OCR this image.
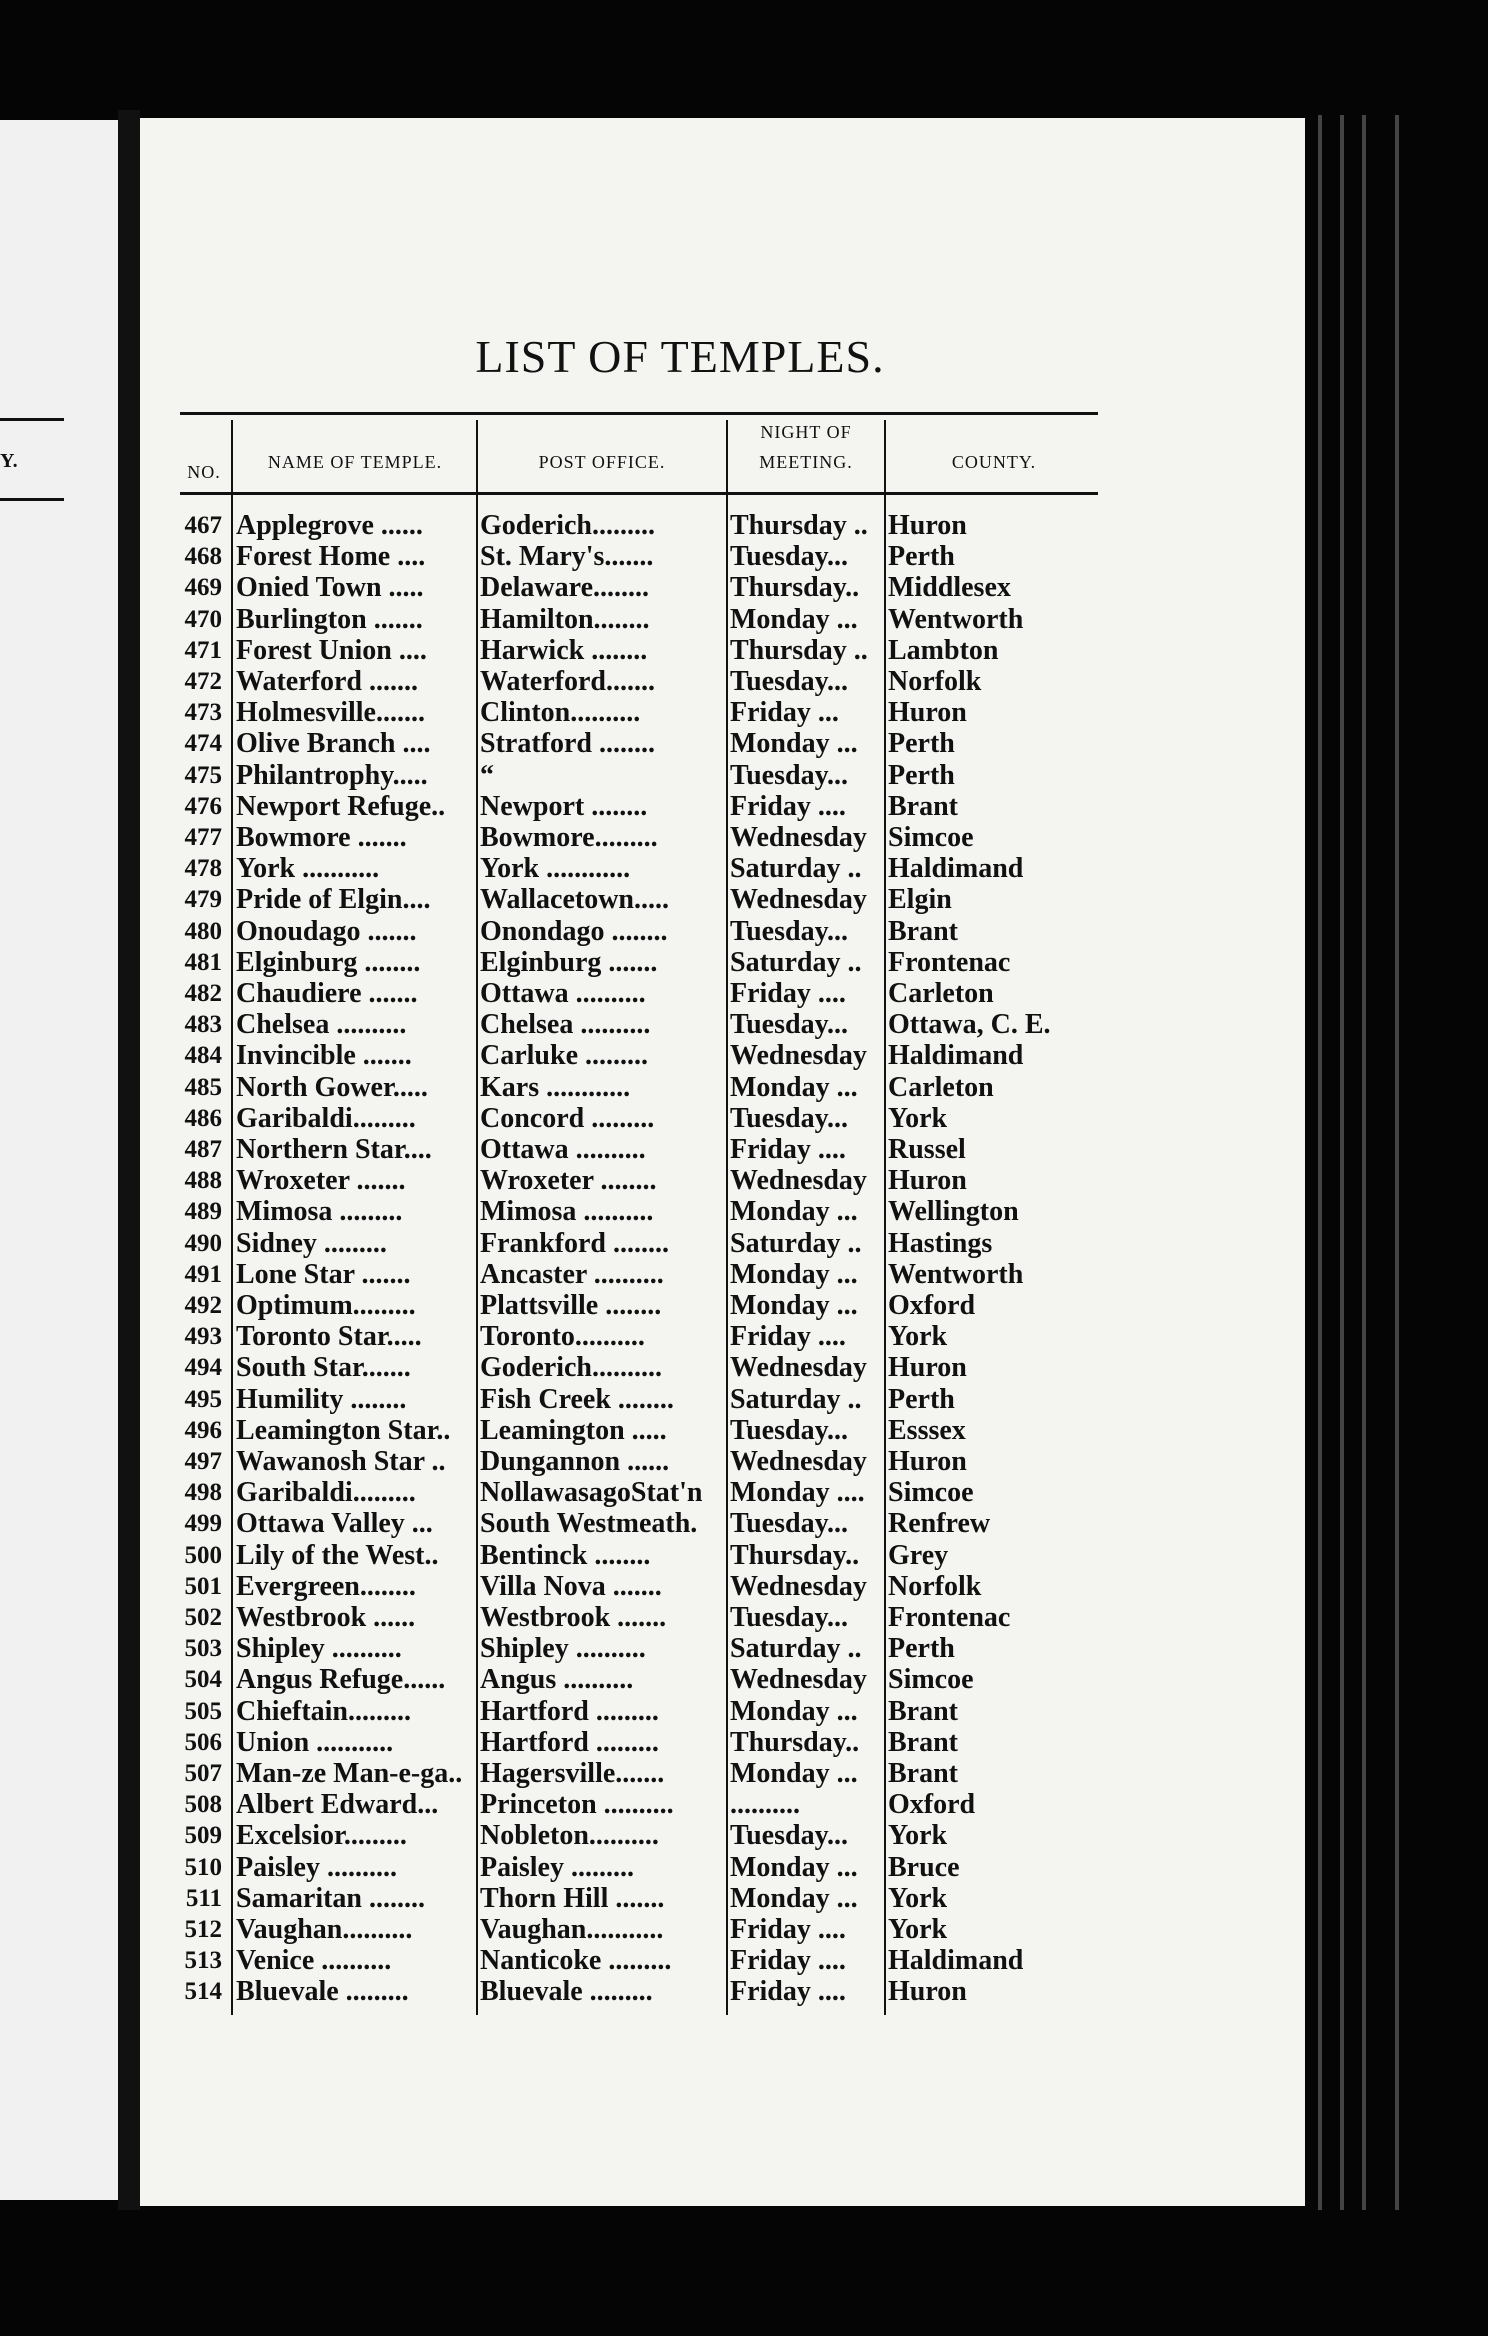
Y.
LIST OF TEMPLES.
NO.	NAME OF TEMPLE.	POST OFFICE.
NIGHT OF
MEETING.	COUNTY.
467 Applegrove ......	Goderich.........	Thursday .. Huron
468 Forest Home ....	St. Mary's.......	Tuesday...	Perth
469 Onied Town .....	Delaware........	Thursday..	Middlesex
470 Burlington .......	Hamilton........	Monday ...	Wentworth
471 Forest Union ....	Harwick ........	Thursday .. Lambton
472 Waterford .......	Waterford.......	Tuesday...	Norfolk
473 Holmesville.......	Clinton..........	Friday ...	Huron
474 Olive Branch ....	Stratford ........	Monday ...	Perth
475 Philantrophy.....	“	Tuesday...	Perth
476 Newport Refuge..	Newport ........	Friday ....	Brant
477 Bowmore .......	Bowmore.........	Wednesday Simcoe
478 York ...........	York ............	Saturday .. Haldimand
479 Pride of Elgin....	Wallacetown.....	Wednesday Elgin
480 Onoudago .......	Onondago ........	Tuesday...	Brant
481 Elginburg ........	Elginburg .......	Saturday .. Frontenac
482 Chaudiere .......	Ottawa ..........	Friday ....	Carleton
483 Chelsea ..........	Chelsea ..........	Tuesday...	Ottawa, C. E.
484 Invincible .......	Carluke .........	Wednesday Haldimand
485 North Gower.....	Kars ............	Monday ...	Carleton
486 Garibaldi.........	Concord .........	Tuesday...	York
487 Northern Star....	Ottawa ..........	Friday ....	Russel
488 Wroxeter .......	Wroxeter ........	Wednesday Huron
489 Mimosa .........	Mimosa ..........	Monday ...	Wellington
490 Sidney .........	Frankford ........	Saturday .. Hastings
491 Lone Star .......	Ancaster ..........	Monday ...	Wentworth
492 Optimum.........	Plattsville ........	Monday ...	Oxford
493 Toronto Star.....	Toronto..........	Friday ....	York
494 South Star.......	Goderich..........	Wednesday Huron
495 Humility ........	Fish Creek ........	Saturday .. Perth
496 Leamington Star..	Leamington .....	Tuesday...	Esssex
497 Wawanosh Star ..	Dungannon ......	Wednesday Huron
498 Garibaldi.........	NollawasagoStat'n Monday .... Simcoe
499 Ottawa Valley ...	South Westmeath.	Tuesday...	Renfrew
500 Lily of the West..	Bentinck ........	Thursday..	Grey
501 Evergreen........	Villa Nova .......	Wednesday Norfolk
502 Westbrook ......	Westbrook .......	Tuesday...	Frontenac
503 Shipley ..........	Shipley ..........	Saturday .. Perth
504 Angus Refuge......	Angus ..........	Wednesday Simcoe
505 Chieftain.........	Hartford .........	Monday ...	Brant
506 Union ...........	Hartford .........	Thursday..	Brant
507 Man-ze Man-e-ga.. Hagersville.......	Monday ...	Brant
508 Albert Edward...	Princeton ..........	..........	Oxford
509 Excelsior.........	Nobleton..........	Tuesday...	York
510 Paisley ..........	Paisley .........	Monday ...	Bruce
511 Samaritan ........	Thorn Hill .......	Monday ...	York
512 Vaughan..........	Vaughan...........	Friday ....	York
513 Venice ..........	Nanticoke .........	Friday ....	Haldimand
514 Bluevale .........	Bluevale .........	Friday ....	Huron
